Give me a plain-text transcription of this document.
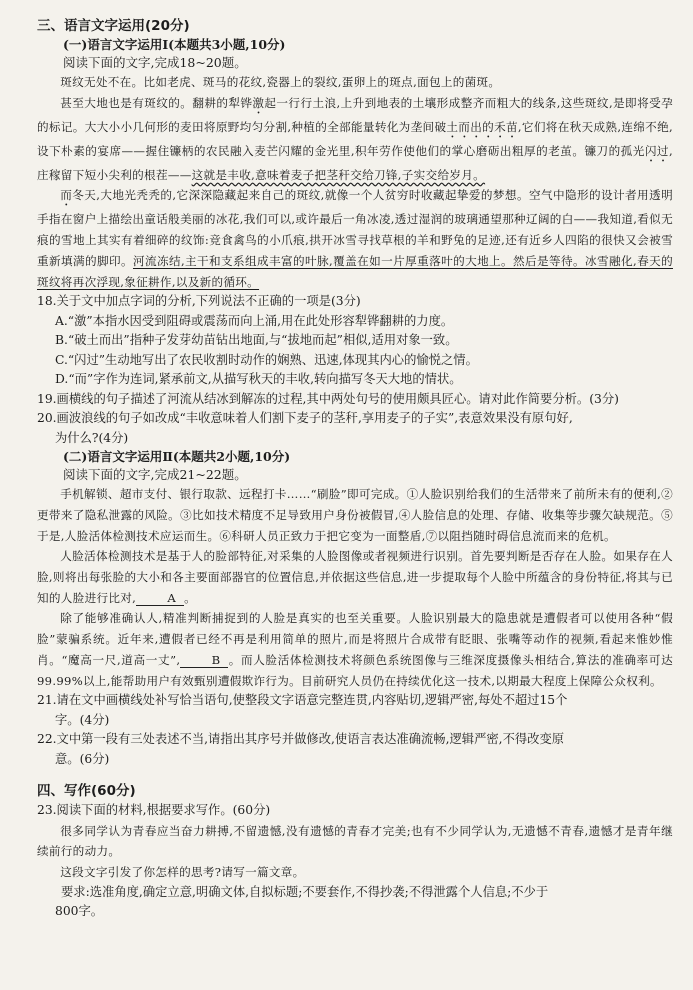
三、语言文字运用(20分)
(一)语言文字运用Ⅰ(本题共3小题,10分)
阅读下面的文字,完成18~20题。

斑纹无处不在。比如老虎、斑马的花纹,瓷器上的裂纹,蛋卵上的斑点,面包上的菌斑。

甚至大地也是有斑纹的。翻耕的犁铧激起一行行土浪,上升到地表的土壤形成整齐而粗大的线条,这些斑纹,是即将受孕的标记。大大小小几何形的麦田将原野均匀分割,种植的全部能量转化为垄间破土而出的禾苗,它们将在秋天成熟,连绵不绝,设下朴素的宴席——握住镰柄的农民融入麦芒闪耀的金光里,积年劳作使他们的掌心磨砺出粗厚的老茧。镰刀的孤光闪过,庄稼留下短小尖利的根茬——这就是丰收,意味着麦子把茎秆交给刀锋,子实交给岁月。

而冬天,大地光秃秃的,它深深隐藏起来自己的斑纹,就像一个人贫穷时收藏起挚爱的梦想。空气中隐形的设计者用透明手指在窗户上描绘出童话般美丽的冰花,我们可以,或许最后一角冰凌,透过湿润的玻璃通望那种辽阔的白——我知道,看似无痕的雪地上其实有着细碎的纹饰:竞食禽鸟的小爪痕,拱开冰雪寻找草根的羊和野兔的足迹,还有近乡人四陷的很快又会被雪重新填满的脚印。河流冻结,主干和支系组成丰富的叶脉,覆盖在如一片厚重落叶的大地上。然后是等待。冰雪融化,春天的斑纹将再次浮现,象征耕作,以及新的循环。

18.关于文中加点字词的分析,下列说法不正确的一项是(3分)
A.“激”本指水因受到阻碍或震荡而向上涌,用在此处形容犁铧翻耕的力度。
B.“破土而出”指种子发芽幼苗钻出地面,与“拔地而起”相似,适用对象一致。
C.“闪过”生动地写出了农民收割时动作的娴熟、迅速,体现其内心的愉悦之情。
D.“而”字作为连词,紧承前文,从描写秋天的丰收,转向描写冬天大地的情状。
19.画横线的句子描述了河流从结冰到解冻的过程,其中两处句号的使用颇具匠心。请对此作简要分析。(3分)
20.画波浪线的句子如改成“丰收意味着人们割下麦子的茎秆,享用麦子的子实”,表意效果没有原句好,
为什么?(4分)
(二)语言文字运用Ⅱ(本题共2小题,10分)
阅读下面的文字,完成21~22题。

手机解锁、超市支付、银行取款、远程打卡……“刷脸”即可完成。①人脸识别给我们的生活带来了前所未有的便利,②更带来了隐私泄露的风险。③比如技术精度不足导致用户身份被假冒,④人脸信息的处理、存储、收集等步骤欠缺规范。⑤于是,人脸活体检测技术应运而生。⑥科研人员正致力于把它变为一面整盾,⑦以阻挡随时碍信息流而来的危机。

人脸活体检测技术是基于人的脸部特征,对采集的人脸图像或者视频进行识别。首先要判断是否存在人脸。如果存在人脸,则将出每张脸的大小和各主要面部器官的位置信息,并依据这些信息,进一步提取每个人脸中所蕴含的身份特征,将其与已知的人脸进行比对,	A 。

除了能够准确认人,精准判断捕捉到的人脸是真实的也至关重要。人脸识别最大的隐患就是遭假者可以使用各种“假脸”蒙骗系统。近年来,遭假者已经不再是利用简单的照片,而是将照片合成带有眨眼、张嘴等动作的视频,看起来惟妙惟肖。“魔高一尺,道高一丈”,	B 。而人脸活体检测技术将颜色系统图像与三维深度摄像头相结合,算法的准确率可达99.99%以上,能帮助用户有效甄别遭假欺诈行为。目前研究人员仍在持续优化这一技术,以期最大程度上保障公众权利。

21.请在文中画横线处补写恰当语句,使整段文字语意完整连贯,内容贴切,逻辑严密,每处不超过15个
字。(4分)
22.文中第一段有三处表述不当,请指出其序号并做修改,使语言表达准确流畅,逻辑严密,不得改变原
意。(6分)
四、写作(60分)
23.阅读下面的材料,根据要求写作。(60分)

很多同学认为青春应当奋力耕搏,不留遗憾,没有遗憾的青春才完美;也有不少同学认为,无遗憾不青春,遗憾才是青年继续前行的动力。

这段文字引发了你怎样的思考?请写一篇文章。

要求:选准角度,确定立意,明确文体,自拟标题;不要套作,不得抄袭;不得泄露个人信息;不少于
800字。
